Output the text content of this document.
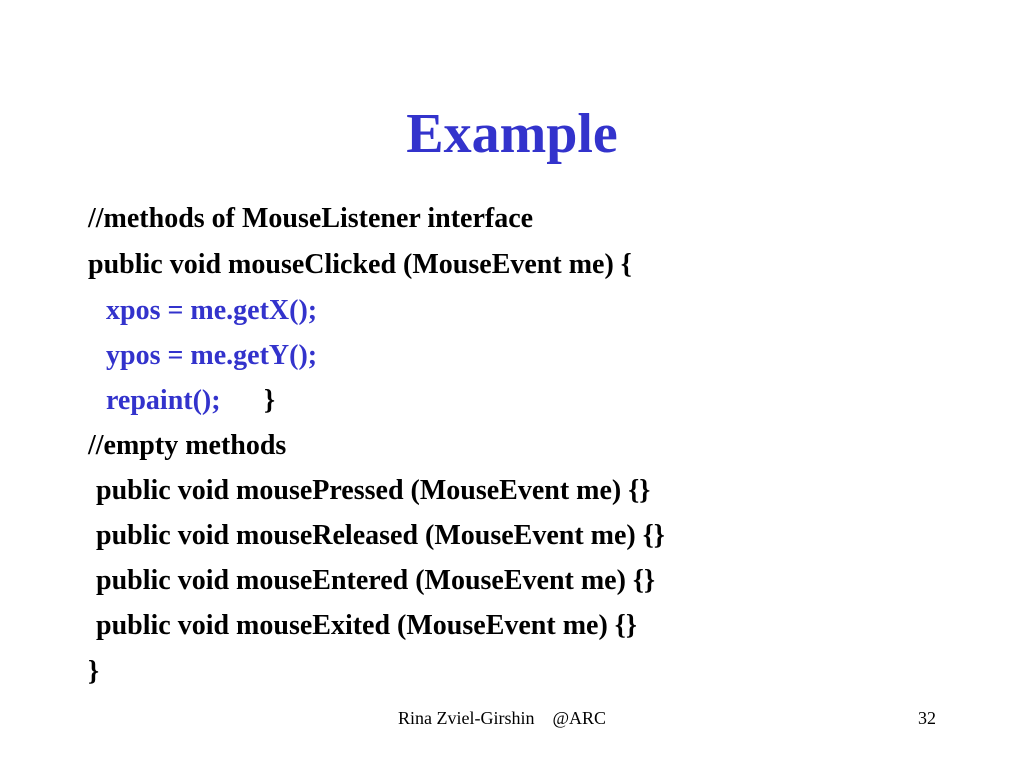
Example
//methods of MouseListener interface
public void mouseClicked (MouseEvent me) {
xpos = me.getX();
ypos = me.getY();
repaint(); }
//empty methods
public void mousePressed (MouseEvent me) {}
public void mouseReleased (MouseEvent me) {}
public void mouseEntered (MouseEvent me) {}
public void mouseExited (MouseEvent me) {}
}
Rina Zviel-Girshin    @ARC	32
